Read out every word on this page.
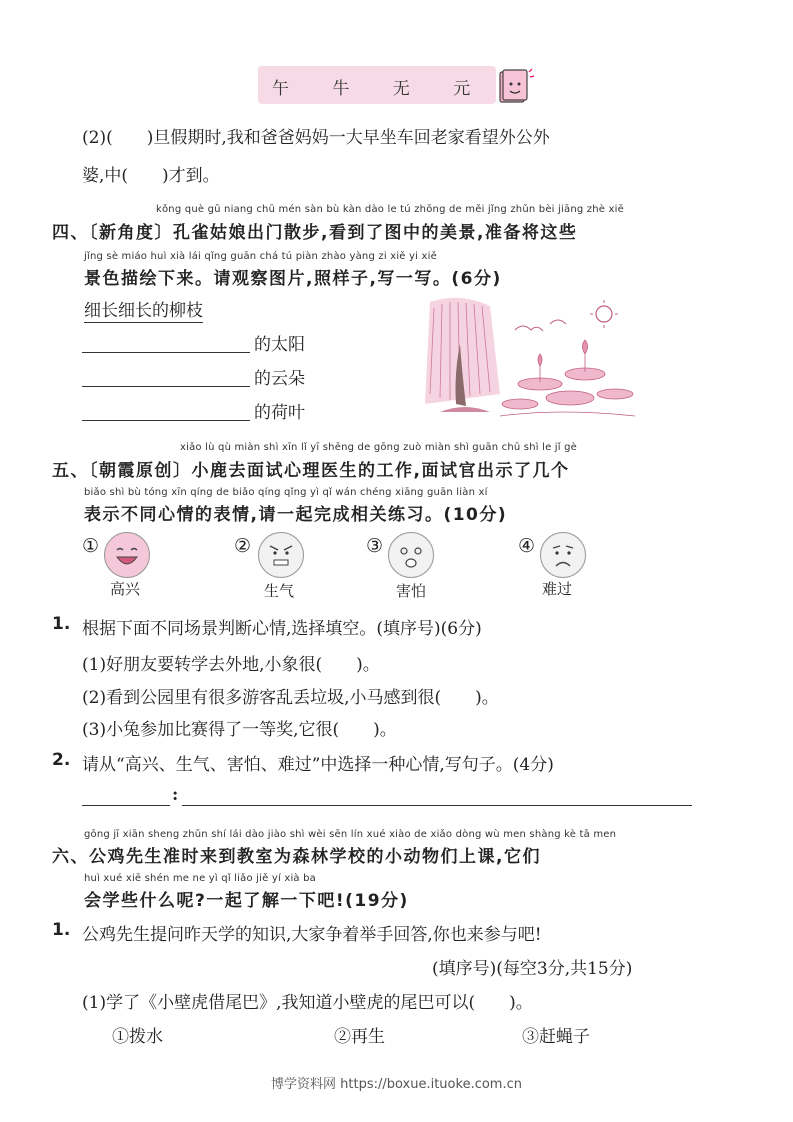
午 牛 无 元
(2)(　　)旦假期时,我和爸爸妈妈一大早坐车回老家看望外公外
婆,中(　　)才到。
kǒng què gū niang chū mén sàn bù kàn dào le tú zhōng de měi jǐng zhǔn bèi jiāng zhè xiē
四、〔新角度〕孔雀姑娘出门散步,看到了图中的美景,准备将这些
jǐng sè miáo huì xià lái qǐng guān chá tú piàn zhào yàng zi xiě yi xiě
景色描绘下来。请观察图片,照样子,写一写。(6分)
细长细长的柳枝
的太阳
的云朵
的荷叶
xiǎo lù qù miàn shì xīn lǐ yī shēng de gōng zuò miàn shì guān chū shì le jǐ gè
五、〔朝霞原创〕小鹿去面试心理医生的工作,面试官出示了几个
biǎo shì bù tóng xīn qíng de biǎo qíng qǐng yì qǐ wán chéng xiāng guān liàn xí
表示不同心情的表情,请一起完成相关练习。(10分)
①
高兴
②
生气
③
害怕
④
难过
1. 根据下面不同场景判断心情,选择填空。(填序号)(6分)
(1)好朋友要转学去外地,小象很(　　)。
(2)看到公园里有很多游客乱丢垃圾,小马感到很(　　)。
(3)小兔参加比赛得了一等奖,它很(　　)。
2. 请从“高兴、生气、害怕、难过”中选择一种心情,写句子。(4分)
:
gōng jī xiān sheng zhǔn shí lái dào jiào shì wèi sēn lín xué xiào de xiǎo dòng wù men shàng kè tā men
六、公鸡先生准时来到教室为森林学校的小动物们上课,它们
huì xué xiē shén me ne yì qǐ liǎo jiě yí xià ba
会学些什么呢?一起了解一下吧!(19分)
1. 公鸡先生提问昨天学的知识,大家争着举手回答,你也来参与吧!
(填序号)(每空3分,共15分)
(1)学了《小壁虎借尾巴》,我知道小壁虎的尾巴可以(　　)。
①拨水	②再生	③赶蝇子
博学资料网 https://boxue.ituoke.com.cn
